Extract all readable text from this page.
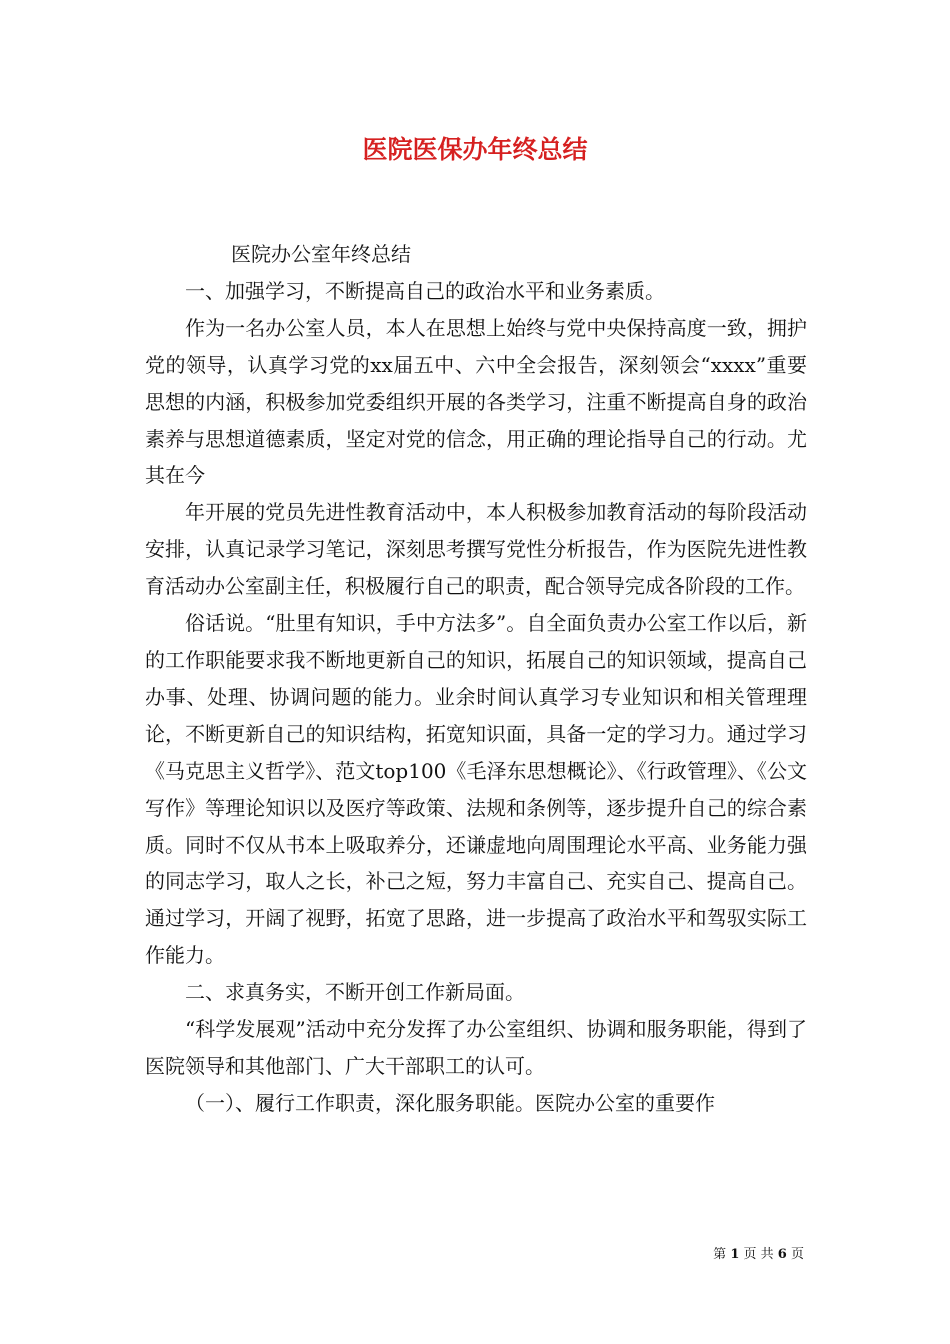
医院医保办年终总结

医院办公室年终总结

一、加强学习，不断提高自己的政治水平和业务素质。

作为一名办公室人员，本人在思想上始终与党中央保持高度一致，拥护党的领导，认真学习党的xx届五中、六中全会报告，深刻领会“xxxx”重要思想的内涵，积极参加党委组织开展的各类学习，注重不断提高自身的政治素养与思想道德素质，坚定对党的信念，用正确的理论指导自己的行动。尤其在今

年开展的党员先进性教育活动中，本人积极参加教育活动的每阶段活动安排，认真记录学习笔记，深刻思考撰写党性分析报告，作为医院先进性教育活动办公室副主任，积极履行自己的职责，配合领导完成各阶段的工作。

俗话说。“肚里有知识，手中方法多”。自全面负责办公室工作以后，新的工作职能要求我不断地更新自己的知识，拓展自己的知识领域，提高自己办事、处理、协调问题的能力。业余时间认真学习专业知识和相关管理理论，不断更新自己的知识结构，拓宽知识面，具备一定的学习力。通过学习《马克思主义哲学》、范文top100《毛泽东思想概论》、《行政管理》、《公文写作》等理论知识以及医疗等政策、法规和条例等，逐步提升自己的综合素质。同时不仅从书本上吸取养分，还谦虚地向周围理论水平高、业务能力强的同志学习，取人之长，补己之短，努力丰富自己、充实自己、提高自己。通过学习，开阔了视野，拓宽了思路，进一步提高了政治水平和驾驭实际工作能力。

二、求真务实，不断开创工作新局面。

“科学发展观”活动中充分发挥了办公室组织、协调和服务职能，得到了医院领导和其他部门、广大干部职工的认可。

（一）、履行工作职责，深化服务职能。医院办公室的重要作

第 1 页 共 6 页
